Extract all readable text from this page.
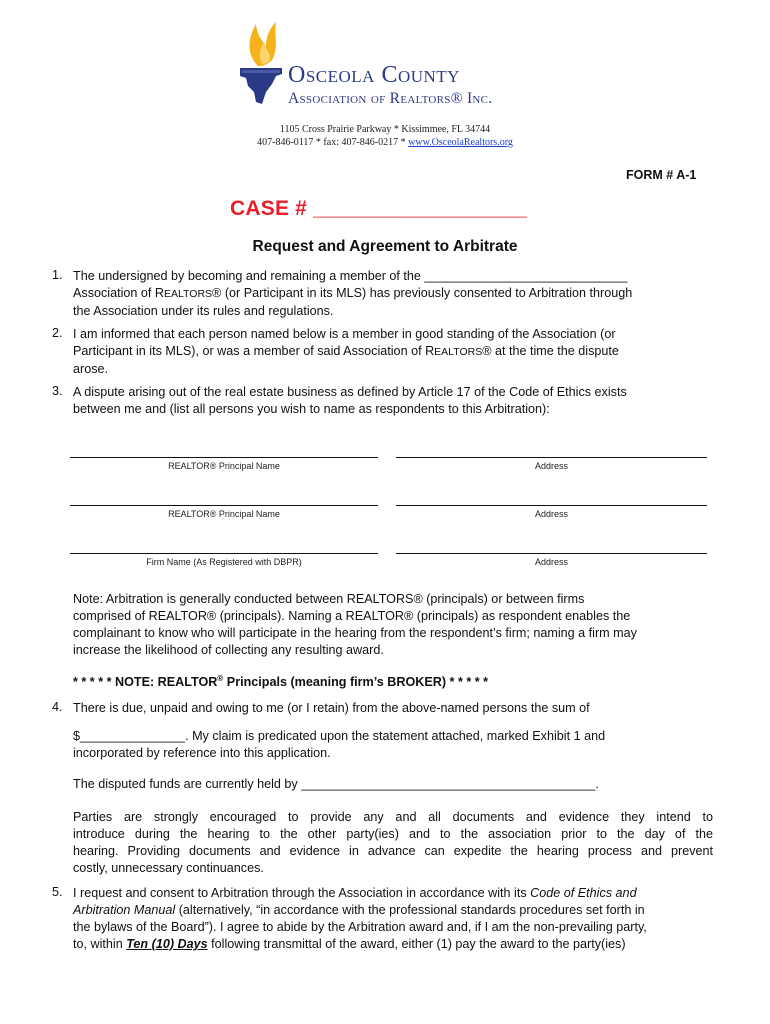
Osceola County
Association of Realtors® Inc.
1105 Cross Prairie Parkway * Kissimmee, FL 34744
407-846-0117 * fax: 407-846-0217 * www.OsceolaRealtors.org
FORM # A-1
CASE # __________________
Request and Agreement to Arbitrate
1. The undersigned by becoming and remaining a member of the _____________________________
Association of REALTORS® (or Participant in its MLS) has previously consented to Arbitration through
the Association under its rules and regulations.
2. I am informed that each person named below is a member in good standing of the Association (or
Participant in its MLS), or was a member of said Association of REALTORS® at the time the dispute
arose.
3. A dispute arising out of the real estate business as defined by Article 17 of the Code of Ethics exists
between me and (list all persons you wish to name as respondents to this Arbitration):
REALTOR® Principal Name	Address
REALTOR® Principal Name	Address
Firm Name (As Registered with DBPR)	Address
Note: Arbitration is generally conducted between REALTORS® (principals) or between firms
comprised of REALTOR® (principals). Naming a REALTOR® (principals) as respondent enables the
complainant to know who will participate in the hearing from the respondent’s firm; naming a firm may
increase the likelihood of collecting any resulting award.
* * * * * NOTE: REALTOR® Principals (meaning firm’s BROKER) * * * * *
4. There is due, unpaid and owing to me (or I retain) from the above-named persons the sum of
$_______________. My claim is predicated upon the statement attached, marked Exhibit 1 and
incorporated by reference into this application.
The disputed funds are currently held by __________________________________________.
Parties are strongly encouraged to provide any and all documents and evidence they intend to
introduce during the hearing to the other party(ies) and to the association prior to the day of the
hearing. Providing documents and evidence in advance can expedite the hearing process and prevent
costly, unnecessary continuances.
5. I request and consent to Arbitration through the Association in accordance with its Code of Ethics and
Arbitration Manual (alternatively, “in accordance with the professional standards procedures set forth in
the bylaws of the Board”). I agree to abide by the Arbitration award and, if I am the non-prevailing party,
to, within Ten (10) Days following transmittal of the award, either (1) pay the award to the party(ies)
